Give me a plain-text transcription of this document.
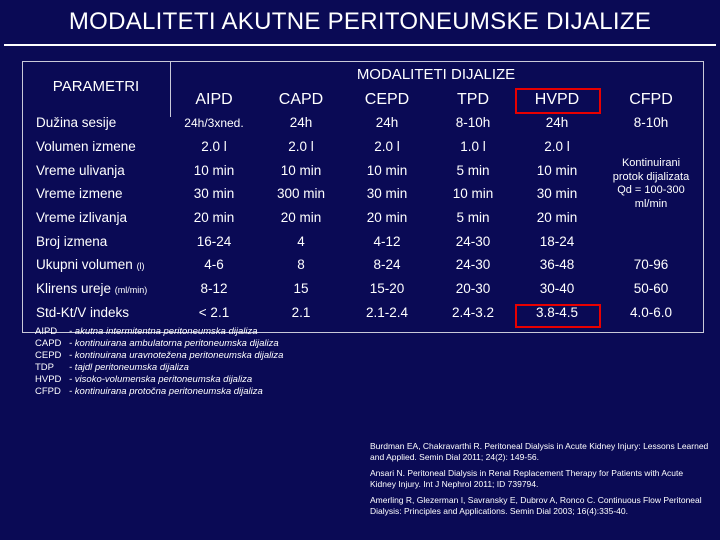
MODALITETI AKUTNE PERITONEUMSKE DIJALIZE
PARAMETRI
MODALITETI DIJALIZE
AIPD	CAPD	CEPD	TPD	HVPD	CFPD
Dužina sesije	24h/3xned.	24h	24h	8-10h	24h	8-10h
Volumen izmene	2.0 l	2.0 l	2.0 l	1.0 l	2.0 l
Vreme ulivanja	10 min	10 min	10 min	5 min	10 min
Vreme izmene	30 min	300 min	30 min	10 min	30 min
Vreme izlivanja	20 min	20 min	20 min	5 min	20 min
Broj izmena	16-24	4	4-12	24-30	18-24
Ukupni volumen (l)	4-6	8	8-24	24-30	36-48	70-96
Klirens ureje (ml/min)	8-12	15	15-20	20-30	30-40	50-60
Std-Kt/V indeks	< 2.1	2.1	2.1-2.4	2.4-3.2	3.8-4.5	4.0-6.0
Kontinuirani protok dijalizata Qd = 100-300 ml/min
AIPD - akutna intermitentna peritoneumska dijaliza
CAPD - kontinuirana ambulatorna peritoneumska dijaliza
CEPD - kontinuirana uravnotežena peritoneumska dijaliza
TDP - tajdl peritoneumska dijaliza
HVPD - visoko-volumenska peritoneumska dijaliza
CFPD - kontinuirana protočna peritoneumska dijaliza
Burdman EA, Chakravarthi R. Peritoneal Dialysis in Acute Kidney Injury: Lessons Learned and Applied. Semin Dial 2011; 24(2): 149-56.
Ansari N. Peritoneal Dialysis in Renal Replacement Therapy for Patients with Acute Kidney Injury. Int J Nephrol 2011; ID 739794.
Amerling R, Glezerman I, Savransky E, Dubrov A, Ronco C. Continuous Flow Peritoneal Dialysis: Principles and Applications. Semin Dial 2003; 16(4):335-40.
